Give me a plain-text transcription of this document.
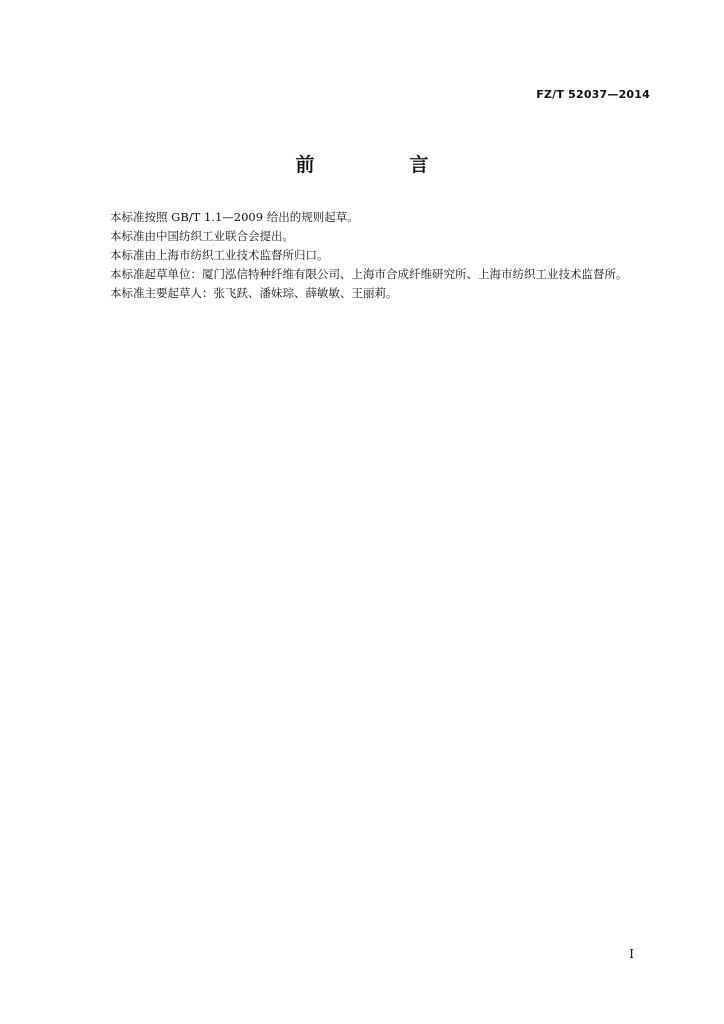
FZ/T 52037—2014
前　言

本标准按照 GB/T 1.1—2009 给出的规则起草。

本标准由中国纺织工业联合会提出。

本标准由上海市纺织工业技术监督所归口。

本标准起草单位：厦门泓信特种纤维有限公司、上海市合成纤维研究所、上海市纺织工业技术监督所。

本标准主要起草人：张飞跃、潘妹琮、薛敏敏、王丽莉。

I
